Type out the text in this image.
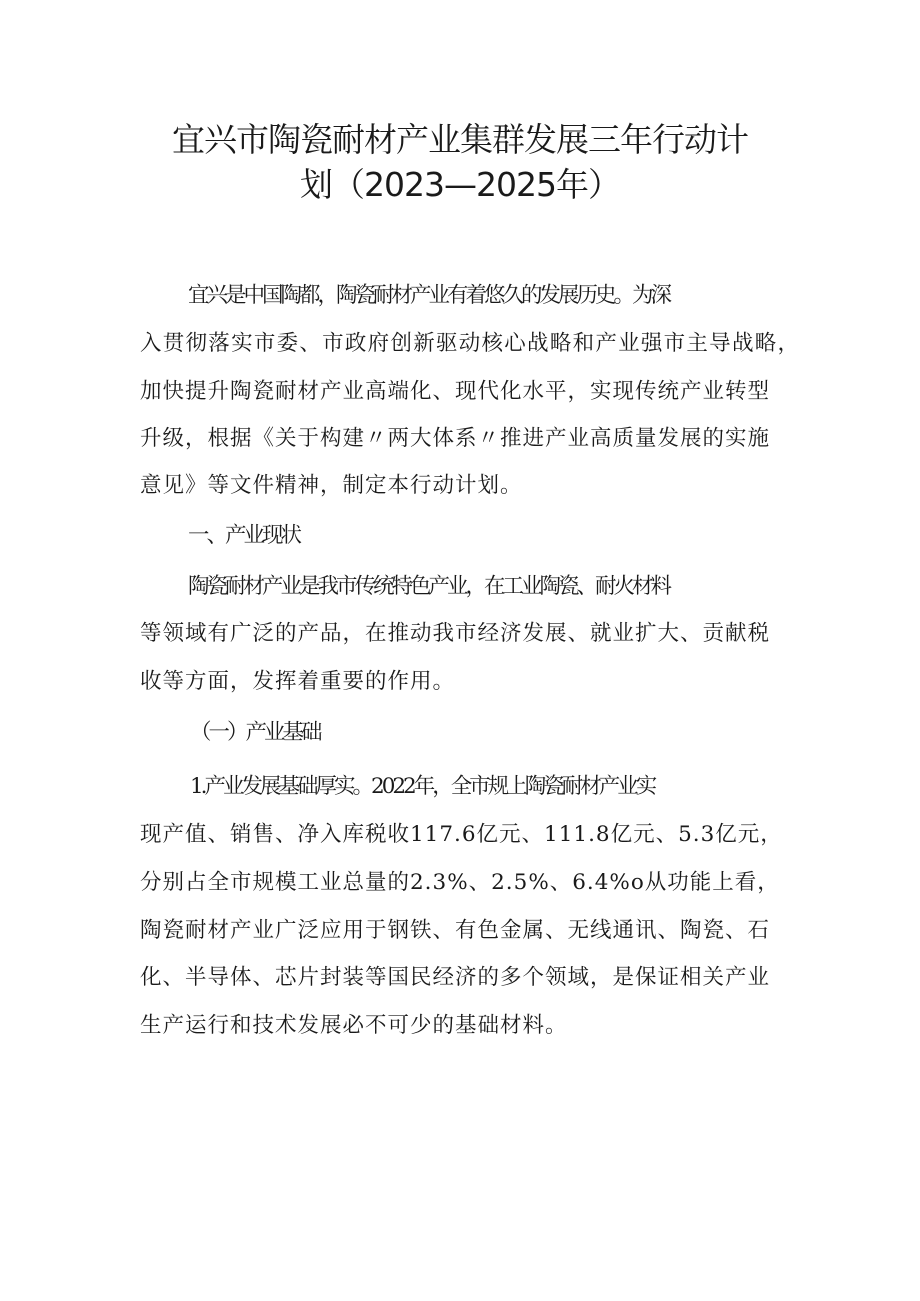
宜兴市陶瓷耐材产业集群发展三年行动计
划（2023—2025年）

宜兴是中国陶都，陶瓷耐材产业有着悠久的发展历史。为深

入贯彻落实市委、市政府创新驱动核心战略和产业强市主导战略，

加快提升陶瓷耐材产业高端化、现代化水平，实现传统产业转型

升级，根据《关于构建〃两大体系〃推进产业高质量发展的实施

意见》等文件精神，制定本行动计划。

一、产业现状

陶瓷耐材产业是我市传统特色产业，在工业陶瓷、耐火材料

等领域有广泛的产品，在推动我市经济发展、就业扩大、贡献税

收等方面，发挥着重要的作用。

（一）产业基础

1.产业发展基础厚实。2022年，全市规上陶瓷耐材产业实

现产值、销售、净入库税收117.6亿元、111.8亿元、5.3亿元，

分别占全市规模工业总量的2.3%、2.5%、6.4%o从功能上看，

陶瓷耐材产业广泛应用于钢铁、有色金属、无线通讯、陶瓷、石

化、半导体、芯片封装等国民经济的多个领域，是保证相关产业

生产运行和技术发展必不可少的基础材料。
